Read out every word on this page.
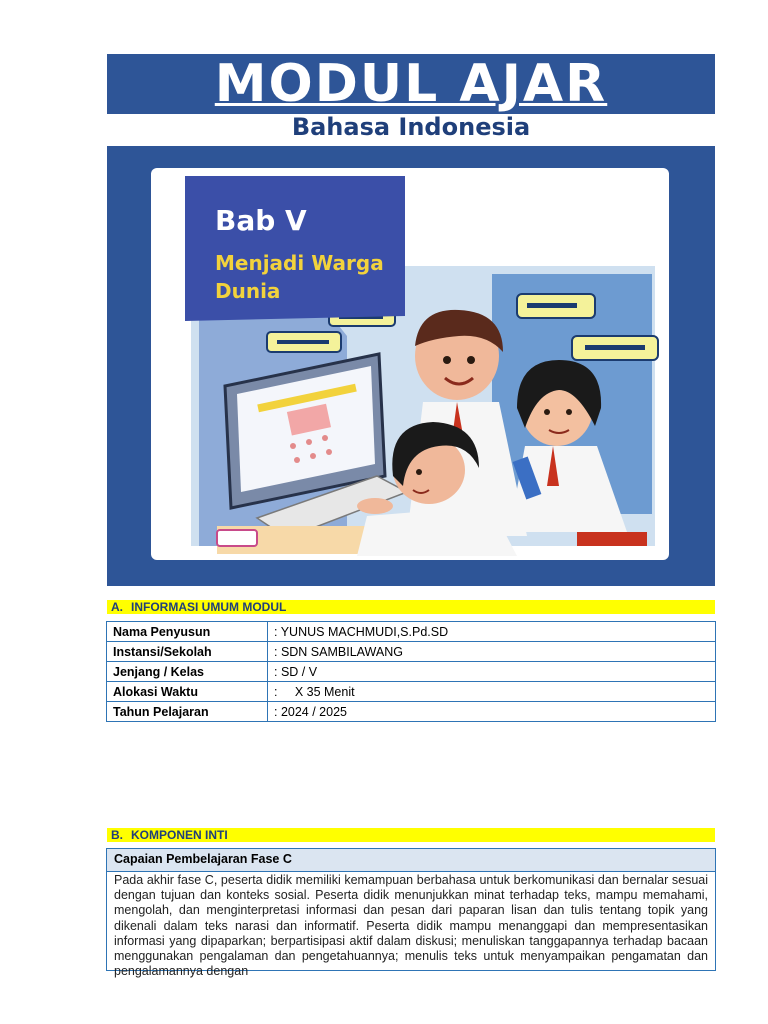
MODUL AJAR
Bahasa Indonesia
Bab V
Menjadi Warga
Dunia
A. INFORMASI UMUM MODUL
Nama Penyusun	: YUNUS MACHMUDI,S.Pd.SD
Instansi/Sekolah	: SDN SAMBILAWANG
Jenjang / Kelas	: SD / V
Alokasi Waktu	:     X 35 Menit
Tahun Pelajaran	: 2024 / 2025
B. KOMPONEN INTI
Capaian Pembelajaran Fase C
Pada akhir fase C, peserta didik memiliki kemampuan berbahasa untuk berkomunikasi dan bernalar sesuai dengan tujuan dan konteks sosial. Peserta didik menunjukkan minat terhadap teks, mampu memahami, mengolah, dan menginterpretasi informasi dan pesan dari paparan lisan dan tulis tentang topik yang dikenali dalam teks narasi dan informatif. Peserta didik mampu menanggapi dan mempresentasikan informasi yang dipaparkan; berpartisipasi aktif dalam diskusi; menuliskan tanggapannya terhadap bacaan menggunakan pengalaman dan pengetahuannya; menulis teks untuk menyampaikan pengamatan dan pengalamannya dengan
